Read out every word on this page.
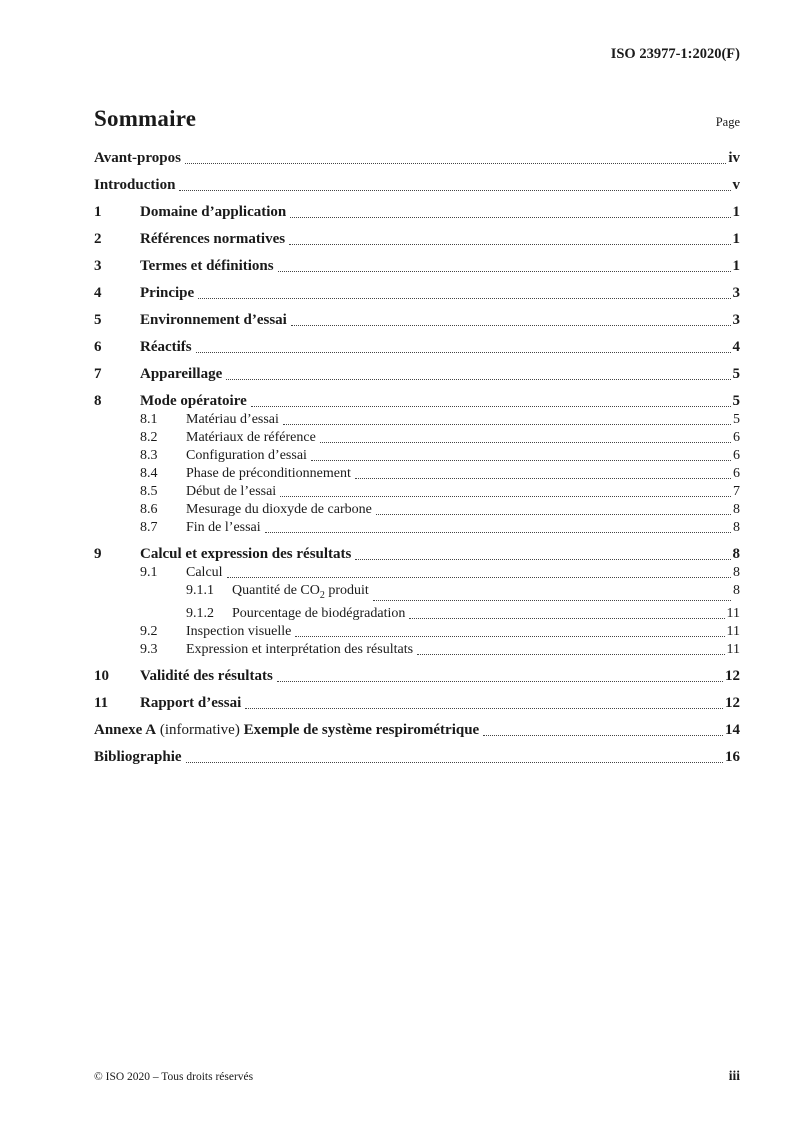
ISO 23977-1:2020(F)
Sommaire	Page
Avant-propos	iv
Introduction	v
1	Domaine d’application	1
2	Références normatives	1
3	Termes et définitions	1
4	Principe	3
5	Environnement d’essai	3
6	Réactifs	4
7	Appareillage	5
8	Mode opératoire	5
8.1	Matériau d’essai	5
8.2	Matériaux de référence	6
8.3	Configuration d’essai	6
8.4	Phase de préconditionnement	6
8.5	Début de l’essai	7
8.6	Mesurage du dioxyde de carbone	8
8.7	Fin de l’essai	8
9	Calcul et expression des résultats	8
9.1	Calcul	8
9.1.1	Quantité de $CO_2$ produit	8
9.1.2	Pourcentage de biodégradation	11
9.2	Inspection visuelle	11
9.3	Expression et interprétation des résultats	11
10	Validité des résultats	12
11	Rapport d’essai	12
Annexe A (informative) Exemple de système respirométrique	14
Bibliographie	16
© ISO 2020 – Tous droits réservés	iii
